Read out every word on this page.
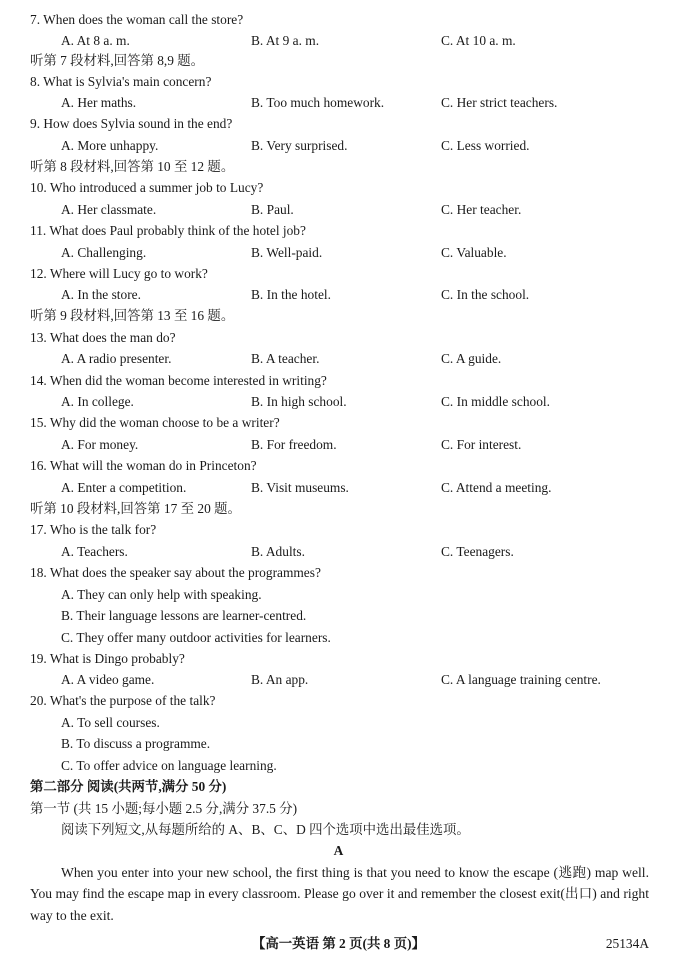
7. When does the woman call the store?
A. At 8 a. m.	B. At 9 a. m.	C. At 10 a. m.
听第 7 段材料,回答第 8,9 题。
8. What is Sylvia's main concern?
A. Her maths.	B. Too much homework.	C. Her strict teachers.
9. How does Sylvia sound in the end?
A. More unhappy.	B. Very surprised.	C. Less worried.
听第 8 段材料,回答第 10 至 12 题。
10. Who introduced a summer job to Lucy?
A. Her classmate.	B. Paul.	C. Her teacher.
11. What does Paul probably think of the hotel job?
A. Challenging.	B. Well-paid.	C. Valuable.
12. Where will Lucy go to work?
A. In the store.	B. In the hotel.	C. In the school.
听第 9 段材料,回答第 13 至 16 题。
13. What does the man do?
A. A radio presenter.	B. A teacher.	C. A guide.
14. When did the woman become interested in writing?
A. In college.	B. In high school.	C. In middle school.
15. Why did the woman choose to be a writer?
A. For money.	B. For freedom.	C. For interest.
16. What will the woman do in Princeton?
A. Enter a competition.	B. Visit museums.	C. Attend a meeting.
听第 10 段材料,回答第 17 至 20 题。
17. Who is the talk for?
A. Teachers.	B. Adults.	C. Teenagers.
18. What does the speaker say about the programmes?
A. They can only help with speaking.
B. Their language lessons are learner-centred.
C. They offer many outdoor activities for learners.
19. What is Dingo probably?
A. A video game.	B. An app.	C. A language training centre.
20. What's the purpose of the talk?
A. To sell courses.
B. To discuss a programme.
C. To offer advice on language learning.
第二部分 阅读(共两节,满分 50 分)
第一节 (共 15 小题;每小题 2.5 分,满分 37.5 分)
阅读下列短文,从每题所给的 A、B、C、D 四个选项中选出最佳选项。
A
When you enter into your new school, the first thing is that you need to know the escape (逃跑) map well. You may find the escape map in every classroom. Please go over it and remember the closest exit(出口) and right way to the exit.
【高一英语 第 2 页(共 8 页)】	25134A
